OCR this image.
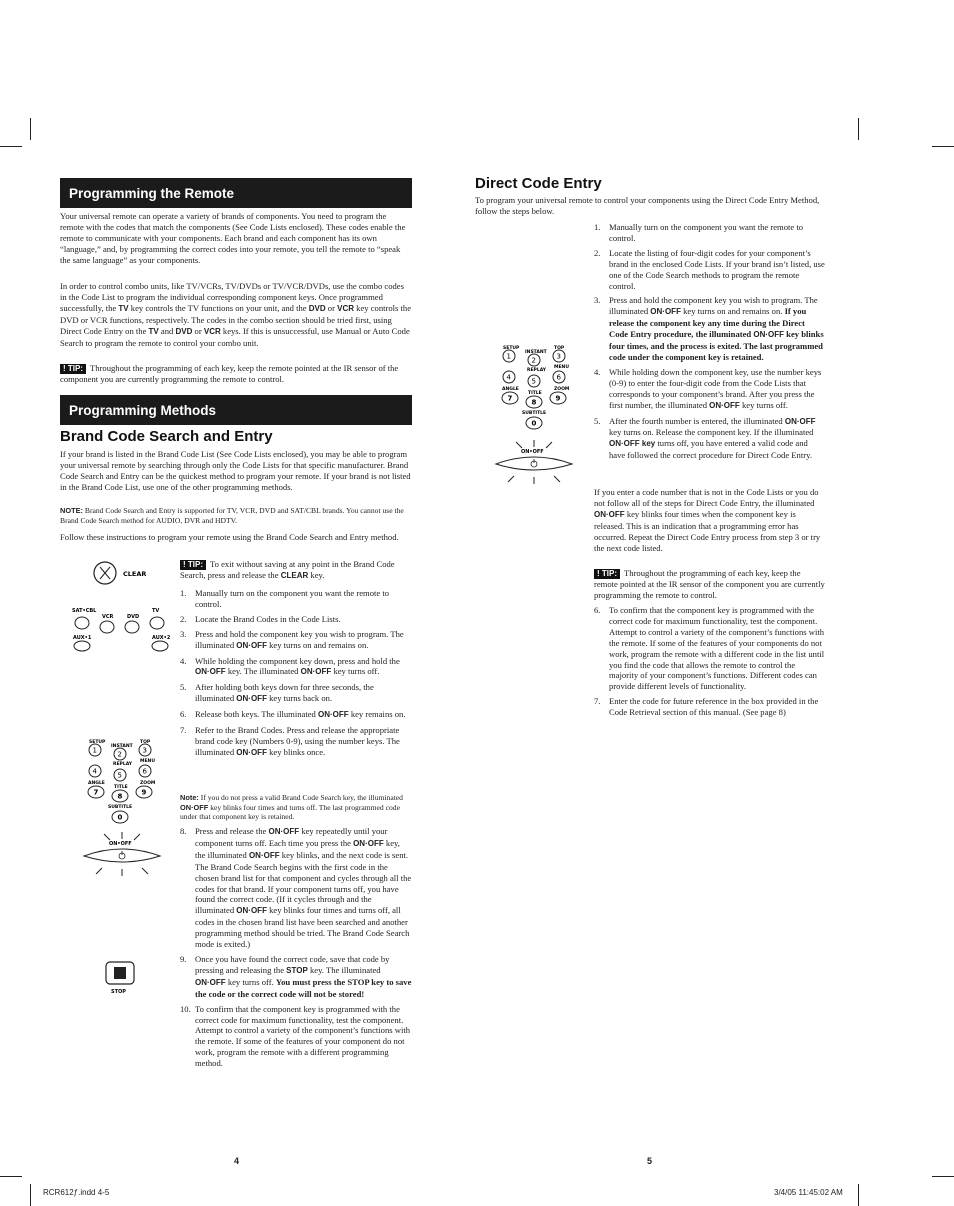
Programming the Remote

Your universal remote can operate a variety of brands of components. You need to program the remote with the codes that match the components (See Code Lists enclosed). These codes enable the remote to communicate with your components. Each brand and each component has its own “language,” and, by programming the correct codes into your remote, you tell the remote to “speak the same language” as your components.

In order to control combo units, like TV/VCRs, TV/DVDs or TV/VCR/DVDs, use the combo codes in the Code List to program the individual corresponding component keys. Once programmed successfully, the TV key controls the TV functions on your unit, and the DVD or VCR key controls the DVD or VCR functions, respectively. The codes in the combo section should be tried first, using Direct Code Entry on the TV and DVD or VCR keys. If this is unsuccessful, use Manual or Auto Code Search to program the remote to control your combo unit.

! TIP: Throughout the programming of each key, keep the remote pointed at the IR sensor of the component you are currently programming the remote to control.

Programming Methods
Brand Code Search and Entry

If your brand is listed in the Brand Code List (See Code Lists enclosed), you may be able to program your universal remote by searching through only the Code Lists for that specific manufacturer. Brand Code Search and Entry can be the quickest method to program your remote. If your brand is not listed in the Brand Code List, use one of the other programming methods.

NOTE: Brand Code Search and Entry is supported for TV, VCR, DVD and SAT/CBL brands. You cannot use the Brand Code Search method for AUDIO, DVR and HDTV.

Follow these instructions to program your remote using the Brand Code Search and Entry method.

CLEAR
SAT•CBL
VCR	DVD
TV
AUX•1	AUX•2
SETUP
INSTANT
TOP
1	2	3
REPLAY
MENU
4	5	6
ANGLE
TITLE
ZOOM
7	8	9
SUBTITLE
0
ON•OFF
STOP

! TIP: To exit without saving at any point in the Brand Code Search, press and release the CLEAR key.

1. Manually turn on the component you want the remote to control.
2. Locate the Brand Codes in the Code Lists.
3. Press and hold the component key you wish to program. The illuminated ON·OFF key turns on and remains on.
4. While holding the component key down, press and hold the ON·OFF key. The illuminated ON·OFF key turns off.
5. After holding both keys down for three seconds, the illuminated ON·OFF key turns back on.
6. Release both keys. The illuminated ON·OFF key remains on.
7. Refer to the Brand Codes. Press and release the appropriate brand code key (Numbers 0-9), using the number keys. The illuminated ON·OFF key blinks once.

Note: If you do not press a valid Brand Code Search key, the illuminated ON·OFF key blinks four times and turns off. The last programmed code under that component key is retained.

8. Press and release the ON·OFF key repeatedly until your component turns off. Each time you press the ON·OFF key, the illuminated ON·OFF key blinks, and the next code is sent. The Brand Code Search begins with the first code in the chosen brand list for that component and cycles through all the codes for that brand. If your component turns off, you have found the correct code. (If it cycles through and the illuminated ON·OFF key blinks four times and turns off, all codes in the chosen brand list have been searched and another programming method should be tried. The Brand Code Search mode is exited.)
9. Once you have found the correct code, save that code by pressing and releasing the STOP key. The illuminated ON·OFF key turns off. You must press the STOP key to save the code or the correct code will not be stored!
10. To confirm that the component key is programmed with the correct code for maximum functionality, test the component. Attempt to control a variety of the component’s functions with the remote. If some of the features of your component do not work, program the remote with a different programming method.
4
Direct Code Entry

To program your universal remote to control your components using the Direct Code Entry Method, follow the steps below.

SETUP
INSTANT
TOP
1	2	3
REPLAY
MENU
4	5	6
ANGLE
TITLE
ZOOM
7	8	9
SUBTITLE
0
ON•OFF
1. Manually turn on the component you want the remote to control.
2. Locate the listing of four-digit codes for your component’s brand in the enclosed Code Lists. If your brand isn’t listed, use one of the Code Search methods to program the remote control.
3. Press and hold the component key you wish to program. The illuminated ON·OFF key turns on and remains on. If you release the component key any time during the Direct Code Entry procedure, the illuminated ON·OFF key blinks four times, and the process is exited. The last programmed code under the component key is retained.
4. While holding down the component key, use the number keys (0-9) to enter the four-digit code from the Code Lists that corresponds to your component’s brand. After you press the first number, the illuminated ON·OFF key turns off.
5. After the fourth number is entered, the illuminated ON·OFF key turns on. Release the component key. If the illuminated ON·OFF key turns off, you have entered a valid code and have followed the correct procedure for Direct Code Entry.

If you enter a code number that is not in the Code Lists or you do not follow all of the steps for Direct Code Entry, the illuminated ON·OFF key blinks four times when the component key is released. This is an indication that a programming error has occurred. Repeat the Direct Code Entry process from step 3 or try the next code listed.

! TIP: Throughout the programming of each key, keep the remote pointed at the IR sensor of the component you are currently programming the remote to control.

6. To confirm that the component key is programmed with the correct code for maximum functionality, test the component. Attempt to control a variety of the component’s functions with the remote. If some of the features of your components do not work, program the remote with a different code in the list until you find the code that allows the remote to control the majority of your component’s functions. Different codes can provide different levels of functionality.
7. Enter the code for future reference in the box provided in the Code Retrieval section of this manual. (See page 8)
5
RCR612ƒ.indd 4-5	3/4/05 11:45:02 AM
